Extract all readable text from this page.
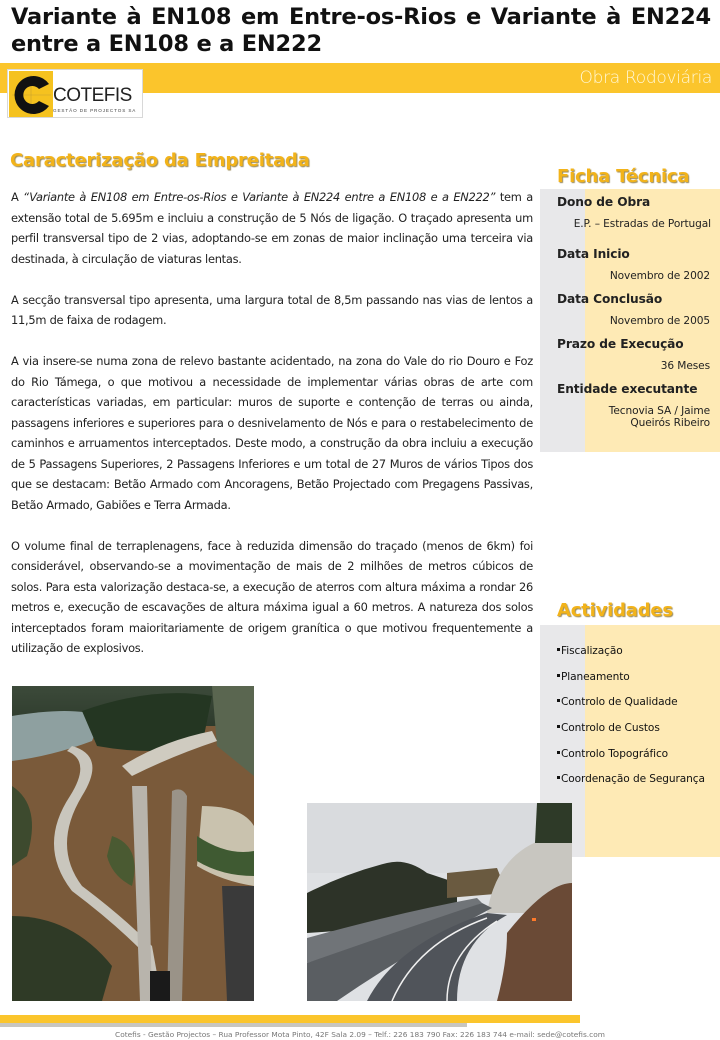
Variante à EN108 em Entre-os-Rios e Variante à EN224 entre a EN108 e a EN222
Obra Rodoviária
COTEFIS
GESTÃO DE PROJECTOS SA
Caracterização da Empreitada

A “Variante à EN108 em Entre-os-Rios e Variante à EN224 entre a EN108 e a EN222” tem a extensão total de 5.695m e incluiu a construção de 5 Nós de ligação. O traçado apresenta um perfil transversal tipo de 2 vias, adoptando-se em zonas de maior inclinação uma terceira via destinada, à circulação de viaturas lentas.

A secção transversal tipo apresenta, uma largura total de 8,5m passando nas vias de lentos a 11,5m de faixa de rodagem.

A via insere-se numa zona de relevo bastante acidentado, na zona do Vale do rio Douro e Foz do Rio Támega, o que motivou a necessidade de implementar várias obras de arte com características variadas, em particular: muros de suporte e contenção de terras ou ainda, passagens inferiores e superiores para o desnivelamento de Nós e para o restabelecimento de caminhos e arruamentos interceptados. Deste modo, a construção da obra incluiu a execução de 5 Passagens Superiores, 2 Passagens Inferiores e um total de 27 Muros de vários Tipos dos que se destacam: Betão Armado com Ancoragens, Betão Projectado com Pregagens Passivas, Betão Armado, Gabiões e Terra Armada.

O volume final de terraplenagens, face à reduzida dimensão do traçado (menos de 6km) foi considerável, observando-se a movimentação de mais de 2 milhões de metros cúbicos de solos. Para esta valorização destaca-se, a execução de aterros com altura máxima a rondar 26 metros e, execução de escavações de altura máxima igual a 60 metros. A natureza dos solos interceptados foram maioritariamente de origem granítica o que motivou frequentemente a utilização de explosivos.

Ficha Técnica
Dono de Obra
E.P. – Estradas de Portugal
Data Inicio
Novembro de 2002
Data Conclusão
Novembro de 2005
Prazo de Execução
36 Meses
Entidade executante
Tecnovia SA / Jaime
Queirós Ribeiro
Actividades
Fiscalização
Planeamento
Controlo de Qualidade
Controlo de Custos
Controlo Topográfico
Coordenação de Segurança
Cotefis - Gestão Projectos – Rua Professor Mota Pinto, 42F Sala 2.09 – Telf.: 226 183 790 Fax: 226 183 744 e-mail: sede@cotefis.com
